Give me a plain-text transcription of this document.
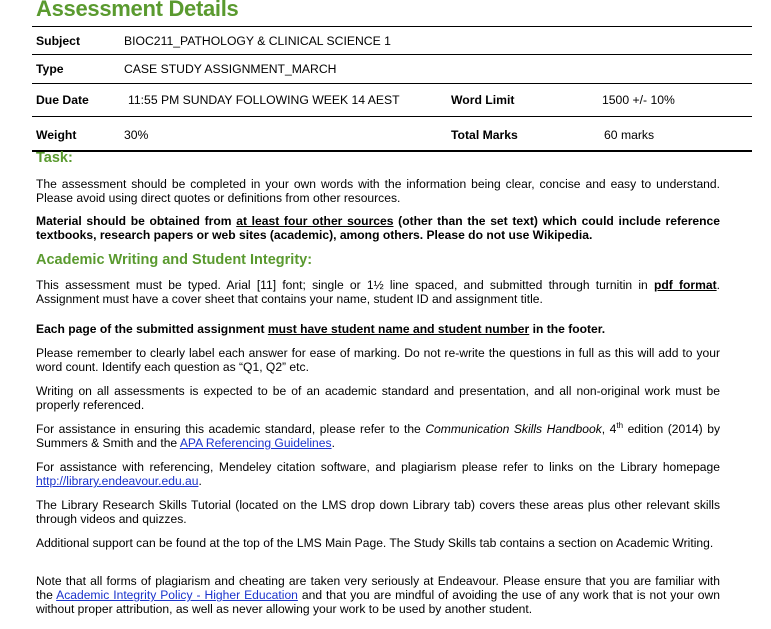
Assessment Details
Subject	BIOC211_PATHOLOGY & CLINICAL SCIENCE 1
Type	CASE STUDY ASSIGNMENT_MARCH
Due Date	11:55 PM SUNDAY FOLLOWING WEEK 14 AEST	Word Limit	1500 +/- 10%
Weight	30%	Total Marks	60 marks
Task:

The assessment should be completed in your own words with the information being clear, concise and easy to understand. Please avoid using direct quotes or definitions from other resources.

Material should be obtained from at least four other sources (other than the set text) which could include reference textbooks, research papers or web sites (academic), among others. Please do not use Wikipedia.

Academic Writing and Student Integrity:

This assessment must be typed. Arial [11] font; single or 1½ line spaced, and submitted through turnitin in pdf format. Assignment must have a cover sheet that contains your name, student ID and assignment title.

Each page of the submitted assignment must have student name and student number in the footer.

Please remember to clearly label each answer for ease of marking. Do not re-write the questions in full as this will add to your word count. Identify each question as “Q1, Q2” etc.

Writing on all assessments is expected to be of an academic standard and presentation, and all non-original work must be properly referenced.

For assistance in ensuring this academic standard, please refer to the Communication Skills Handbook, 4th edition (2014) by Summers & Smith and the APA Referencing Guidelines.

For assistance with referencing, Mendeley citation software, and plagiarism please refer to links on the Library homepage http://library.endeavour.edu.au.

The Library Research Skills Tutorial (located on the LMS drop down Library tab) covers these areas plus other relevant skills through videos and quizzes.

Additional support can be found at the top of the LMS Main Page. The Study Skills tab contains a section on Academic Writing.

Note that all forms of plagiarism and cheating are taken very seriously at Endeavour. Please ensure that you are familiar with the Academic Integrity Policy - Higher Education and that you are mindful of avoiding the use of any work that is not your own without proper attribution, as well as never allowing your work to be used by another student.
